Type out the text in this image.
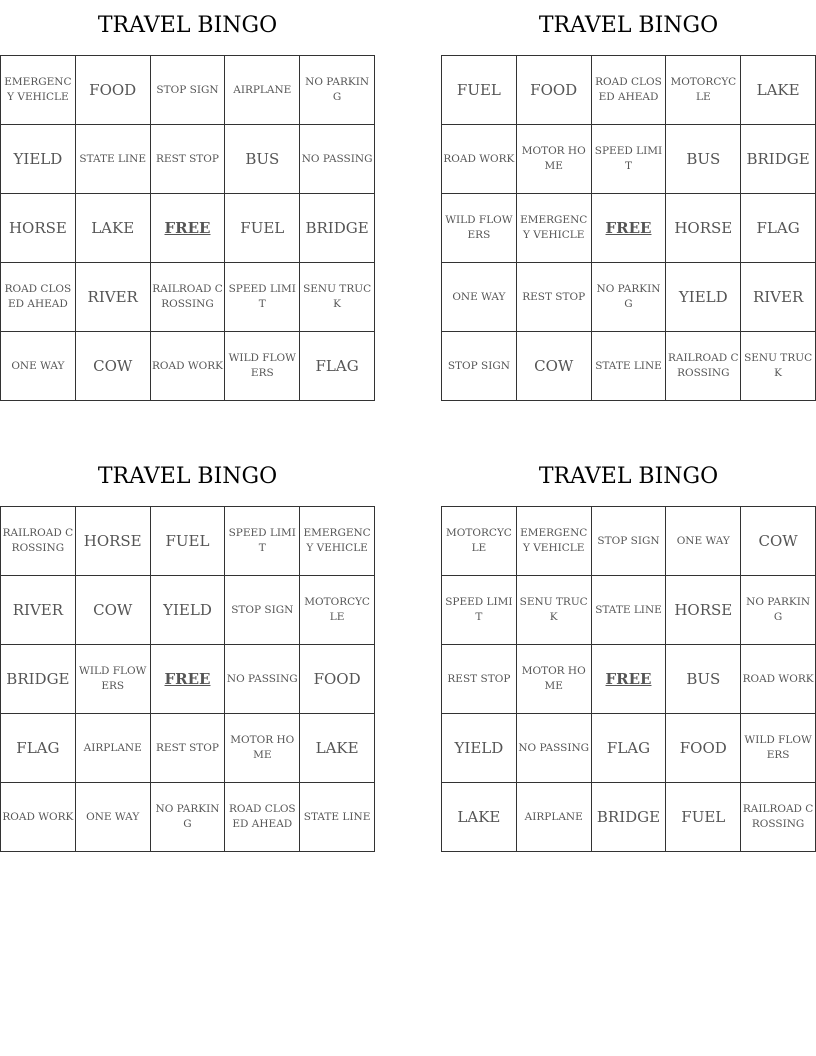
TRAVEL BINGO
EMERGENCY VEHICLE	FOOD	STOP SIGN	AIRPLANE	NO PARKING

YIELD	STATE LINE	REST STOP	BUS	NO PASSING

HORSE	LAKE	FREE	FUEL	BRIDGE

ROAD CLOSED AHEAD	RIVER	RAILROAD CROSSING	SPEED LIMIT	SENU TRUCK

ONE WAY	COW	ROAD WORK	WILD FLOWERS	FLAG
TRAVEL BINGO
FUEL	FOOD	ROAD CLOSED AHEAD	MOTORCYCLE	LAKE

ROAD WORK	MOTOR HOME	SPEED LIMIT	BUS	BRIDGE

WILD FLOWERS	EMERGENCY VEHICLE	FREE	HORSE	FLAG

ONE WAY	REST STOP	NO PARKING	YIELD	RIVER

STOP SIGN	COW	STATE LINE	RAILROAD CROSSING	SENU TRUCK
TRAVEL BINGO
RAILROAD CROSSING	HORSE	FUEL	SPEED LIMIT	EMERGENCY VEHICLE

RIVER	COW	YIELD	STOP SIGN	MOTORCYCLE

BRIDGE	WILD FLOWERS	FREE	NO PASSING	FOOD

FLAG	AIRPLANE	REST STOP	MOTOR HOME	LAKE

ROAD WORK	ONE WAY	NO PARKING	ROAD CLOSED AHEAD	STATE LINE
TRAVEL BINGO
MOTORCYCLE	EMERGENCY VEHICLE	STOP SIGN	ONE WAY	COW

SPEED LIMIT	SENU TRUCK	STATE LINE	HORSE	NO PARKING

REST STOP	MOTOR HOME	FREE	BUS	ROAD WORK

YIELD	NO PASSING	FLAG	FOOD	WILD FLOWERS

LAKE	AIRPLANE	BRIDGE	FUEL	RAILROAD CROSSING
